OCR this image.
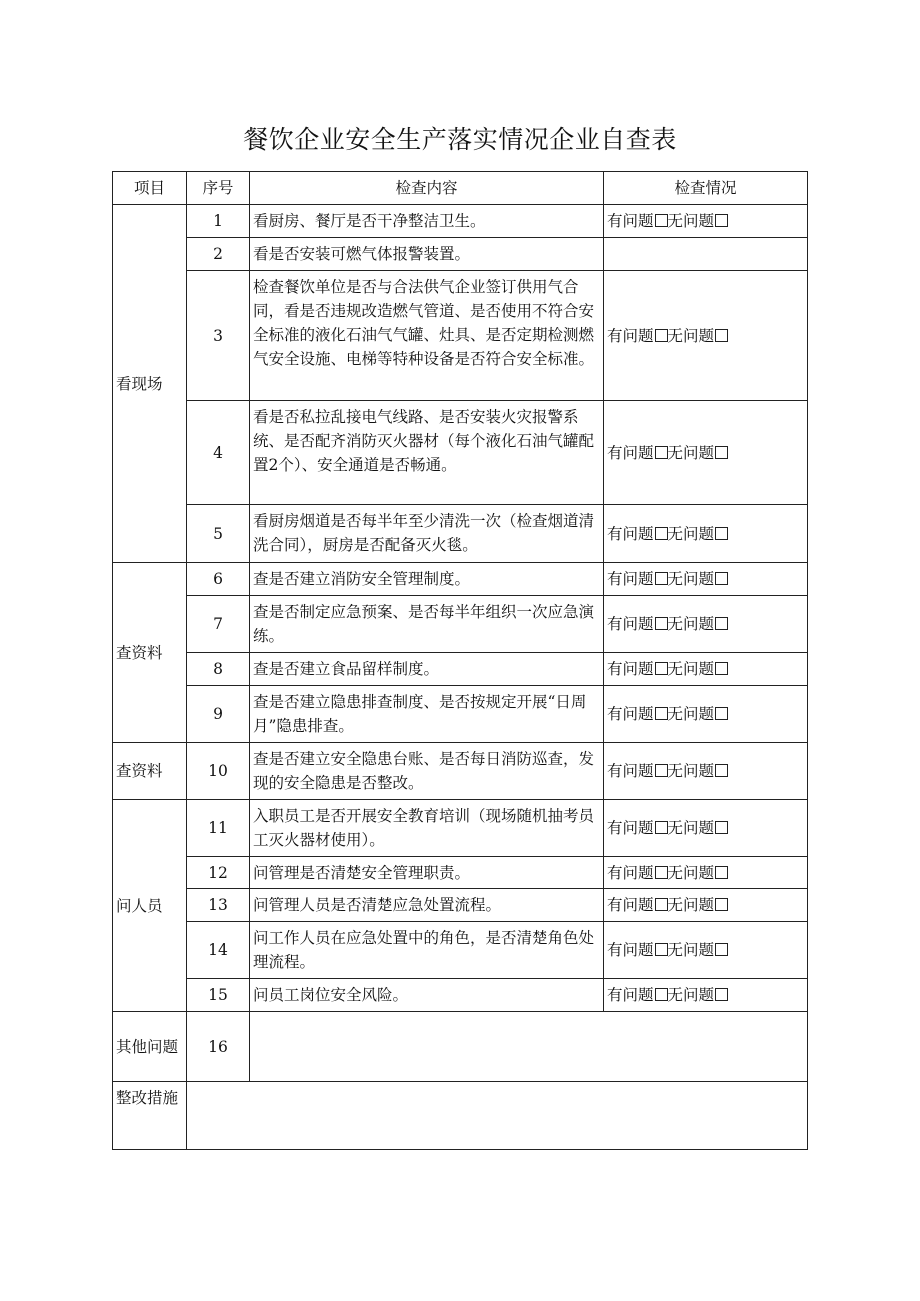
餐饮企业安全生产落实情况企业自查表
项目	序号	检查内容	检查情况
看现场	1	看厨房、餐厅是否干净整洁卫生。	有问题 无问题
	2	看是否安装可燃气体报警装置。	
	3	检查餐饮单位是否与合法供气企业签订供用气合同，看是否违规改造燃气管道、是否使用不符合安全标准的液化石油气气罐、灶具、是否定期检测燃气安全设施、电梯等特种设备是否符合安全标准。	有问题 无问题
	4	看是否私拉乱接电气线路、是否安装火灾报警系统、是否配齐消防灭火器材（每个液化石油气罐配置2个）、安全通道是否畅通。	有问题 无问题
	5	看厨房烟道是否每半年至少清洗一次（检查烟道清洗合同），厨房是否配备灭火毯。	有问题 无问题
查资料	6	查是否建立消防安全管理制度。	有问题 无问题
	7	查是否制定应急预案、是否每半年组织一次应急演练。	有问题 无问题
	8	查是否建立食品留样制度。	有问题 无问题
	9	查是否建立隐患排查制度、是否按规定开展“日周月”隐患排查。	有问题 无问题
查资料	10	查是否建立安全隐患台账、是否每日消防巡查，发现的安全隐患是否整改。	有问题 无问题
问人员	11	入职员工是否开展安全教育培训（现场随机抽考员工灭火器材使用）。	有问题 无问题
	12	问管理是否清楚安全管理职责。	有问题 无问题
	13	问管理人员是否清楚应急处置流程。	有问题 无问题
	14	问工作人员在应急处置中的角色，是否清楚角色处理流程。	有问题 无问题
	15	问员工岗位安全风险。	有问题 无问题
其他问题	16		
整改措施			
